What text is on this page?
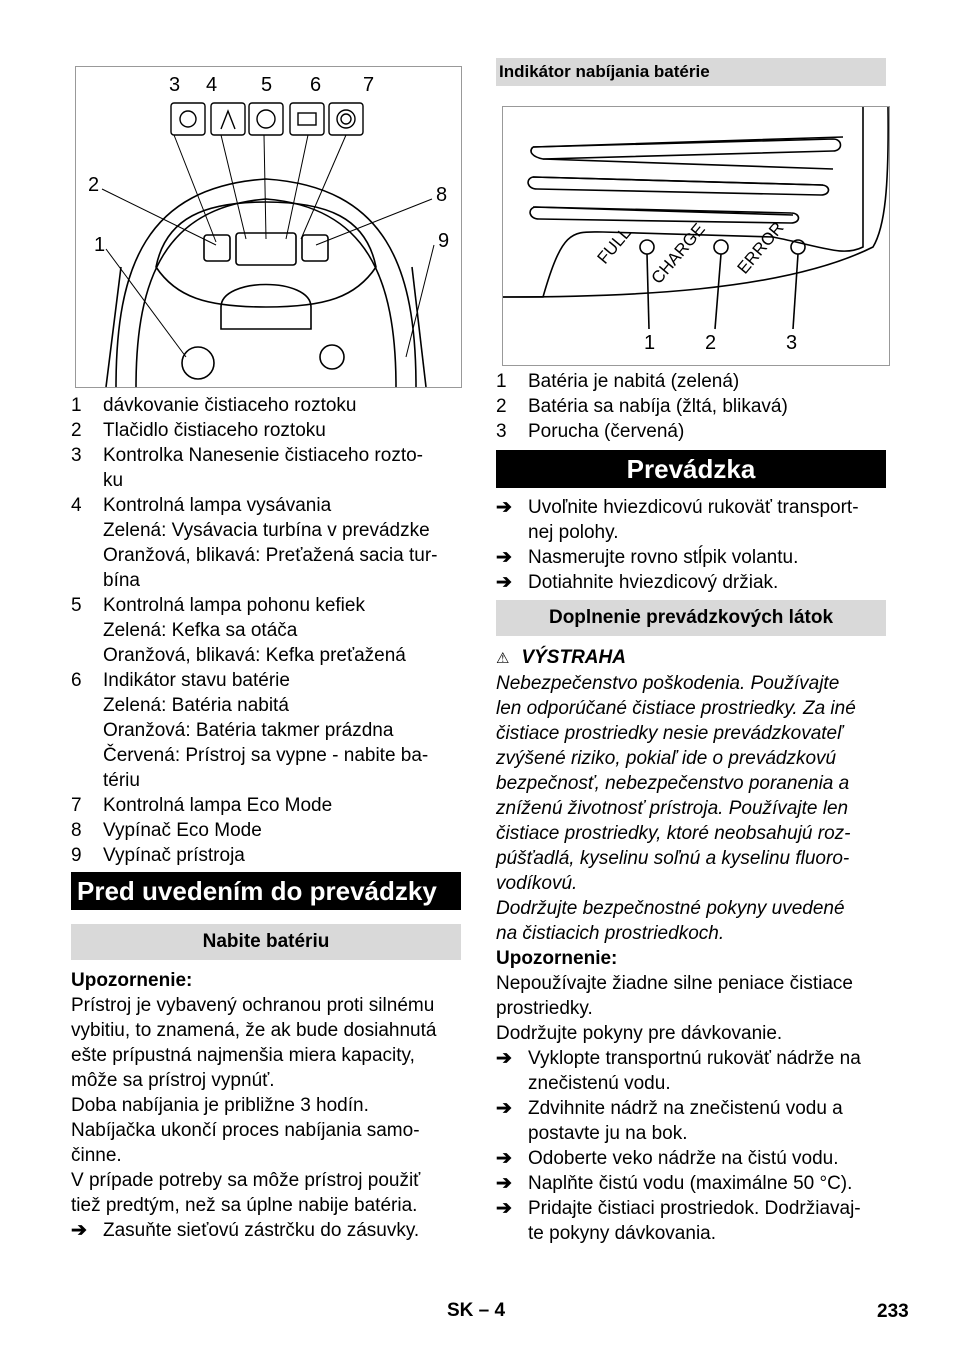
3 4 5 6 7
2
1
8
9
1 dávkovanie čistiaceho roztoku
2 Tlačidlo čistiaceho roztoku
3 Kontrolka Nanesenie čistiaceho rozto-
ku
4 Kontrolná lampa vysávania
Zelená: Vysávacia turbína v prevádzke
Oranžová, blikavá: Preťažená sacia tur-
bína
5 Kontrolná lampa pohonu kefiek
Zelená: Kefka sa otáča
Oranžová, blikavá: Kefka preťažená
6 Indikátor stavu batérie
Zelená: Batéria nabitá
Oranžová: Batéria takmer prázdna
Červená: Prístroj sa vypne - nabite ba-
tériu
7 Kontrolná lampa Eco Mode
8 Vypínač Eco Mode
9 Vypínač prístroja
Pred uvedením do prevádzky
Nabite batériu
Upozornenie:
Prístroj je vybavený ochranou proti silnému
vybitiu, to znamená, že ak bude dosiahnutá
ešte prípustná najmenšia miera kapacity,
môže sa prístroj vypnúť.
Doba nabíjania je približne 3 hodín.
Nabíjačka ukončí proces nabíjania samo-
činne.
V prípade potreby sa môže prístroj použiť
tiež predtým, než sa úplne nabije batéria.
➔ Zasuňte sieťovú zástrčku do zásuvky.
Indikátor nabíjania batérie
FULL CHARGE ERROR
1 2	3
1 Batéria je nabitá (zelená)
2 Batéria sa nabíja (žltá, blikavá)
3 Porucha (červená)
Prevádzka
➔ Uvoľnite hviezdicovú rukoväť transport-
nej polohy.
➔ Nasmerujte rovno stĺpik volantu.
➔ Dotiahnite hviezdicový držiak.
Doplnenie prevádzkových látok
⚠ VÝSTRAHA
Nebezpečenstvo poškodenia. Používajte
len odporúčané čistiace prostriedky. Za iné
čistiace prostriedky nesie prevádzkovateľ
zvýšené riziko, pokiaľ ide o prevádzkovú
bezpečnosť, nebezpečenstvo poranenia a
zníženú životnosť prístroja. Používajte len
čistiace prostriedky, ktoré neobsahujú roz-
púšťadlá, kyselinu soľnú a kyselinu fluoro-
vodíkovú.
Dodržujte bezpečnostné pokyny uvedené
na čistiacich prostriedkoch.
Upozornenie:
Nepoužívajte žiadne silne peniace čistiace
prostriedky.
Dodržujte pokyny pre dávkovanie.
➔ Vyklopte transportnú rukoväť nádrže na
znečistenú vodu.
➔ Zdvihnite nádrž na znečistenú vodu a
postavte ju na bok.
➔ Odoberte veko nádrže na čistú vodu.
➔ Naplňte čistú vodu (maximálne 50 °C).
➔ Pridajte čistiaci prostriedok. Dodržiavaj-
te pokyny dávkovania.
SK – 4	233
